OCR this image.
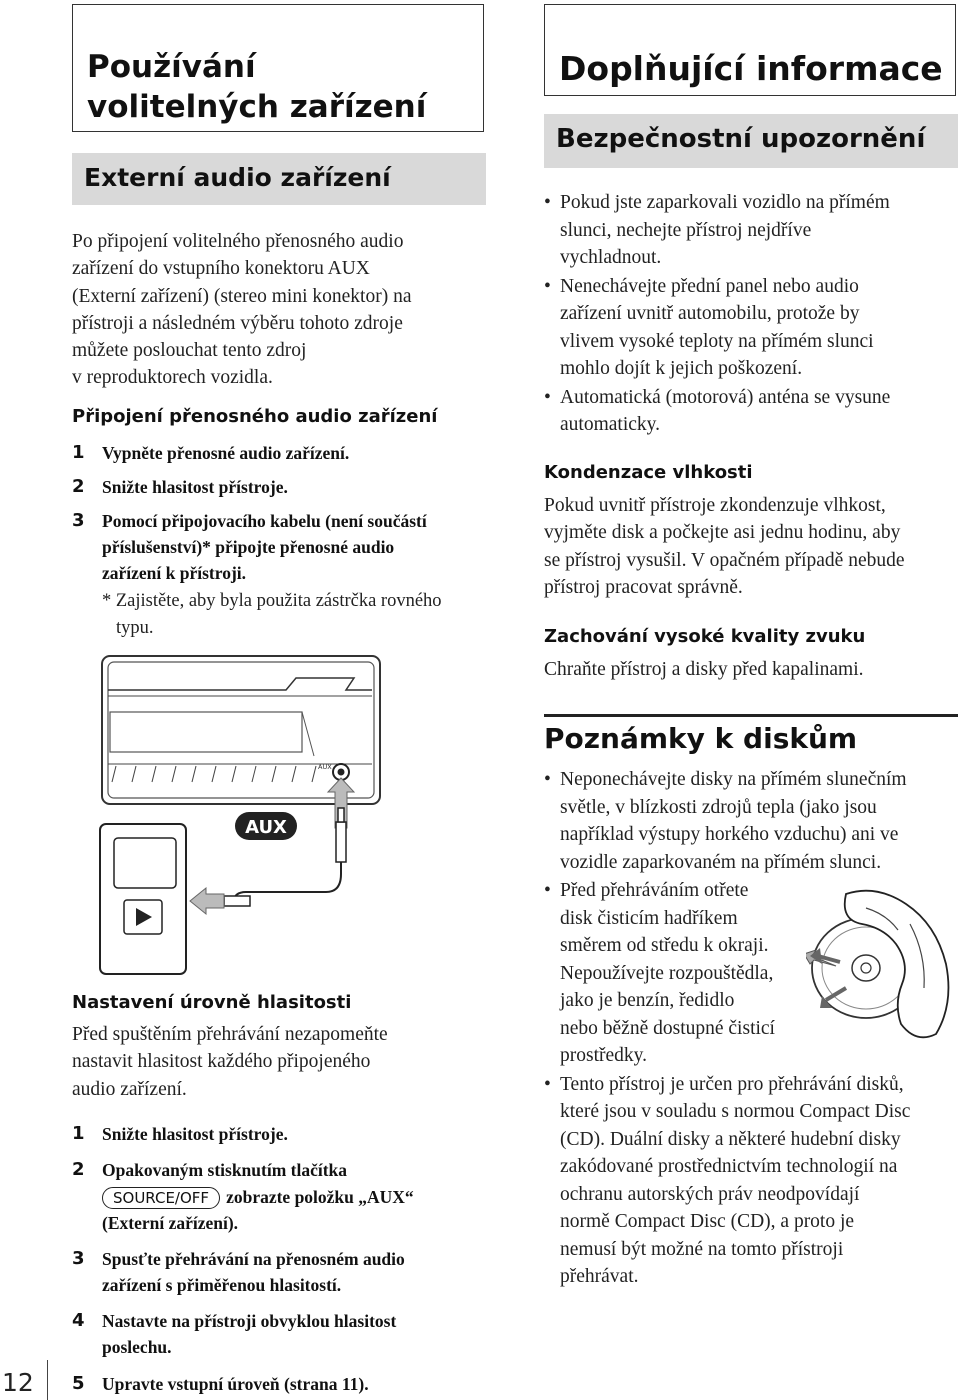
Používání
volitelných zařízení
Externí audio zařízení
Po připojení volitelného přenosného audio
zařízení do vstupního konektoru AUX
(Externí zařízení) (stereo mini konektor) na
přístroji a následném výběru tohoto zdroje
můžete poslouchat tento zdroj
v reproduktorech vozidla.
Připojení přenosného audio zařízení
1 Vypněte přenosné audio zařízení.
2 Snižte hlasitost přístroje.
3 Pomocí připojovacího kabelu (není součástí
příslušenství)* připojte přenosné audio
zařízení k přístroji.
* Zajistěte, aby byla použita zástrčka rovného
typu.
AUX
AUX
Nastavení úrovně hlasitosti
Před spuštěním přehrávání nezapomeňte
nastavit hlasitost každého připojeného
audio zařízení.
1 Snižte hlasitost přístroje.
2 Opakovaným stisknutím tlačítka
SOURCE/OFF zobrazte položku „AUX“
(Externí zařízení).
3 Spusťte přehrávání na přenosném audio
zařízení s přiměřenou hlasitostí.
4 Nastavte na přístroji obvyklou hlasitost
poslechu.
5 Upravte vstupní úroveň (strana 11).
12
Doplňující informace
Bezpečnostní upozornění
• Pokud jste zaparkovali vozidlo na přímém
slunci, nechejte přístroj nejdříve
vychladnout.
• Nenechávejte přední panel nebo audio
zařízení uvnitř automobilu, protože by
vlivem vysoké teploty na přímém slunci
mohlo dojít k jejich poškození.
• Automatická (motorová) anténa se vysune
automaticky.
Kondenzace vlhkosti
Pokud uvnitř přístroje zkondenzuje vlhkost,
vyjměte disk a počkejte asi jednu hodinu, aby
se přístroj vysušil. V opačném případě nebude
přístroj pracovat správně.
Zachování vysoké kvality zvuku
Chraňte přístroj a disky před kapalinami.
Poznámky k diskům
• Neponechávejte disky na přímém slunečním
světle, v blízkosti zdrojů tepla (jako jsou
například výstupy horkého vzduchu) ani ve
vozidle zaparkovaném na přímém slunci.
• Před přehráváním otřete
disk čisticím hadříkem
směrem od středu k okraji.
Nepoužívejte rozpouštědla,
jako je benzín, ředidlo
nebo běžně dostupné čisticí
prostředky.
• Tento přístroj je určen pro přehrávání disků,
které jsou v souladu s normou Compact Disc
(CD). Duální disky a některé hudební disky
zakódované prostřednictvím technologií na
ochranu autorských práv neodpovídají
normě Compact Disc (CD), a proto je
nemusí být možné na tomto přístroji
přehrávat.
